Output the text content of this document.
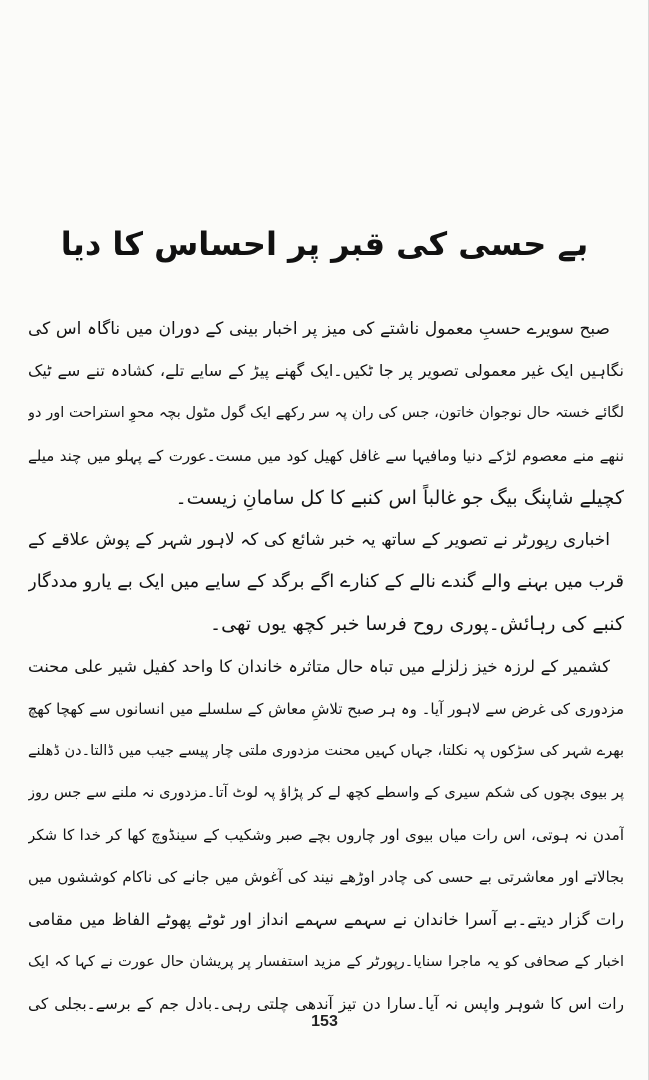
بے حسی کی قبر پر احساس کا دیا
صبح سویرے حسبِ معمول ناشتے کی میز پر اخبار بینی کے دوران میں ناگاہ اس کی
نگاہیں ایک غیر معمولی تصویر پر جا ٹکیں۔ایک گھنے پیڑ کے سایے تلے، کشادہ تنے سے ٹیک
لگائے خستہ حال نوجوان خاتون، جس کی ران پہ سر رکھے ایک گول مٹول بچہ محوِ استراحت اور دو
ننھے منے معصوم لڑکے دنیا ومافیہا سے غافل کھیل کود میں مست۔عورت کے پہلو میں چند میلے
کچیلے شاپنگ بیگ جو غالباً اس کنبے کا کل سامانِ زیست۔
اخباری رپورٹر نے تصویر کے ساتھ یہ خبر شائع کی کہ لاہور شہر کے پوش علاقے کے
قرب میں بہنے والے گندے نالے کے کنارے اگے برگد کے سایے میں ایک بے یارو مددگار
کنبے کی رہائش۔پوری روح فرسا خبر کچھ یوں تھی۔
کشمیر کے لرزہ خیز زلزلے میں تباہ حال متاثرہ خاندان کا واحد کفیل شیر علی محنت
مزدوری کی غرض سے لاہور آیا۔ وہ ہر صبح تلاشِ معاش کے سلسلے میں انسانوں سے کھچا کھچ
بھرے شہر کی سڑکوں پہ نکلتا، جہاں کہیں محنت مزدوری ملتی چار پیسے جیب میں ڈالتا۔دن ڈھلنے
پر بیوی بچوں کی شکم سیری کے واسطے کچھ لے کر پڑاؤ پہ لوٹ آتا۔مزدوری نہ ملنے سے جس روز
آمدن نہ ہوتی، اس رات میاں بیوی اور چاروں بچے صبر وشکیب کے سینڈوچ کھا کر خدا کا شکر
بجالاتے اور معاشرتی بے حسی کی چادر اوڑھے نیند کی آغوش میں جانے کی ناکام کوششوں میں
رات گزار دیتے۔بے آسرا خاندان نے سہمے سہمے انداز اور ٹوٹے پھوٹے الفاظ میں مقامی
اخبار کے صحافی کو یہ ماجرا سنایا۔رپورٹر کے مزید استفسار پر پریشان حال عورت نے کہا کہ ایک
رات اس کا شوہر واپس نہ آیا۔سارا دن تیز آندھی چلتی رہی۔بادل جم کے برسے۔بجلی کی
153
